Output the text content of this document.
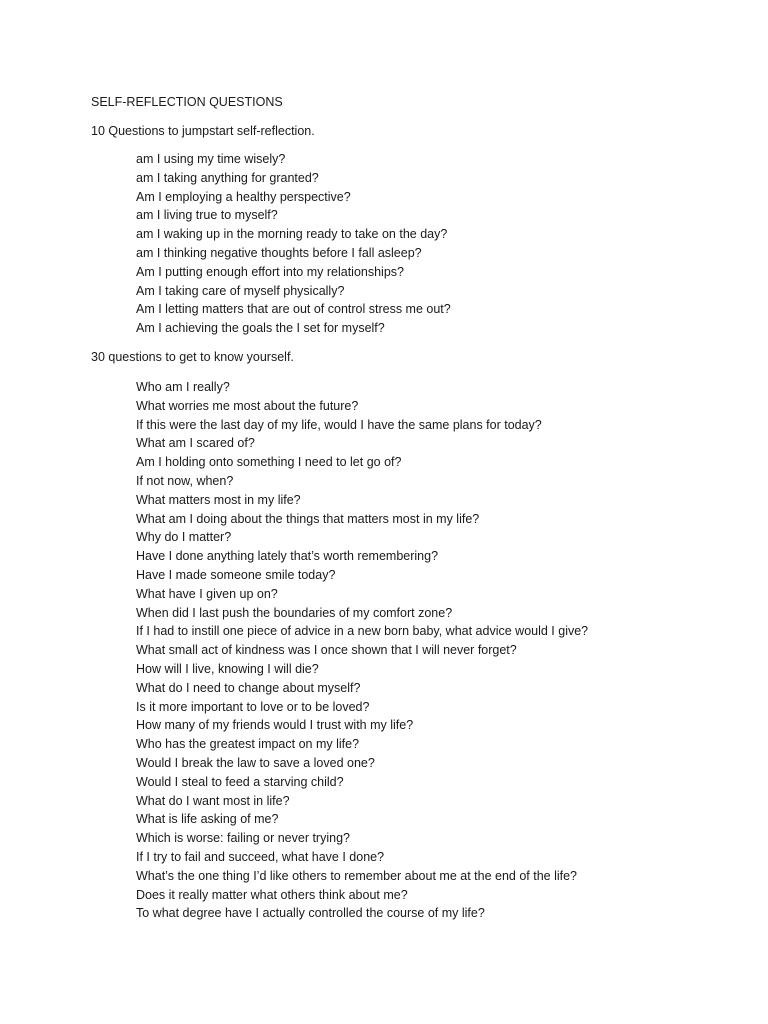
SELF-REFLECTION QUESTIONS

10 Questions to jumpstart self-reflection.

am I using my time wisely?
am I taking anything for granted?
Am I employing a healthy perspective?
am I living true to myself?
am I waking up in the morning ready to take on the day?
am I thinking negative thoughts before I fall asleep?
Am I putting enough effort into my relationships?
Am I taking care of myself physically?
Am I letting matters that are out of control stress me out?
Am I achieving the goals the I set for myself?

30 questions to get to know yourself.

Who am I really?
What worries me most about the future?
If this were the last day of my life, would I have the same plans for today?
What am I scared of?
Am I holding onto something I need to let go of?
If not now, when?
What matters most in my life?
What am I doing about the things that matters most in my life?
Why do I matter?
Have I done anything lately that’s worth remembering?
Have I made someone smile today?
What have I given up on?
When did I last push the boundaries of my comfort zone?
If I had to instill one piece of advice in a new born baby, what advice would I give?
What small act of kindness was I once shown that I will never forget?
How will I live, knowing I will die?
What do I need to change about myself?
Is it more important to love or to be loved?
How many of my friends would I trust with my life?
Who has the greatest impact on my life?
Would I break the law to save a loved one?
Would I steal to feed a starving child?
What do I want most in life?
What is life asking of me?
Which is worse: failing or never trying?
If I try to fail and succeed, what have I done?
What’s the one thing I’d like others to remember about me at the end of the life?
Does it really matter what others think about me?
To what degree have I actually controlled the course of my life?
